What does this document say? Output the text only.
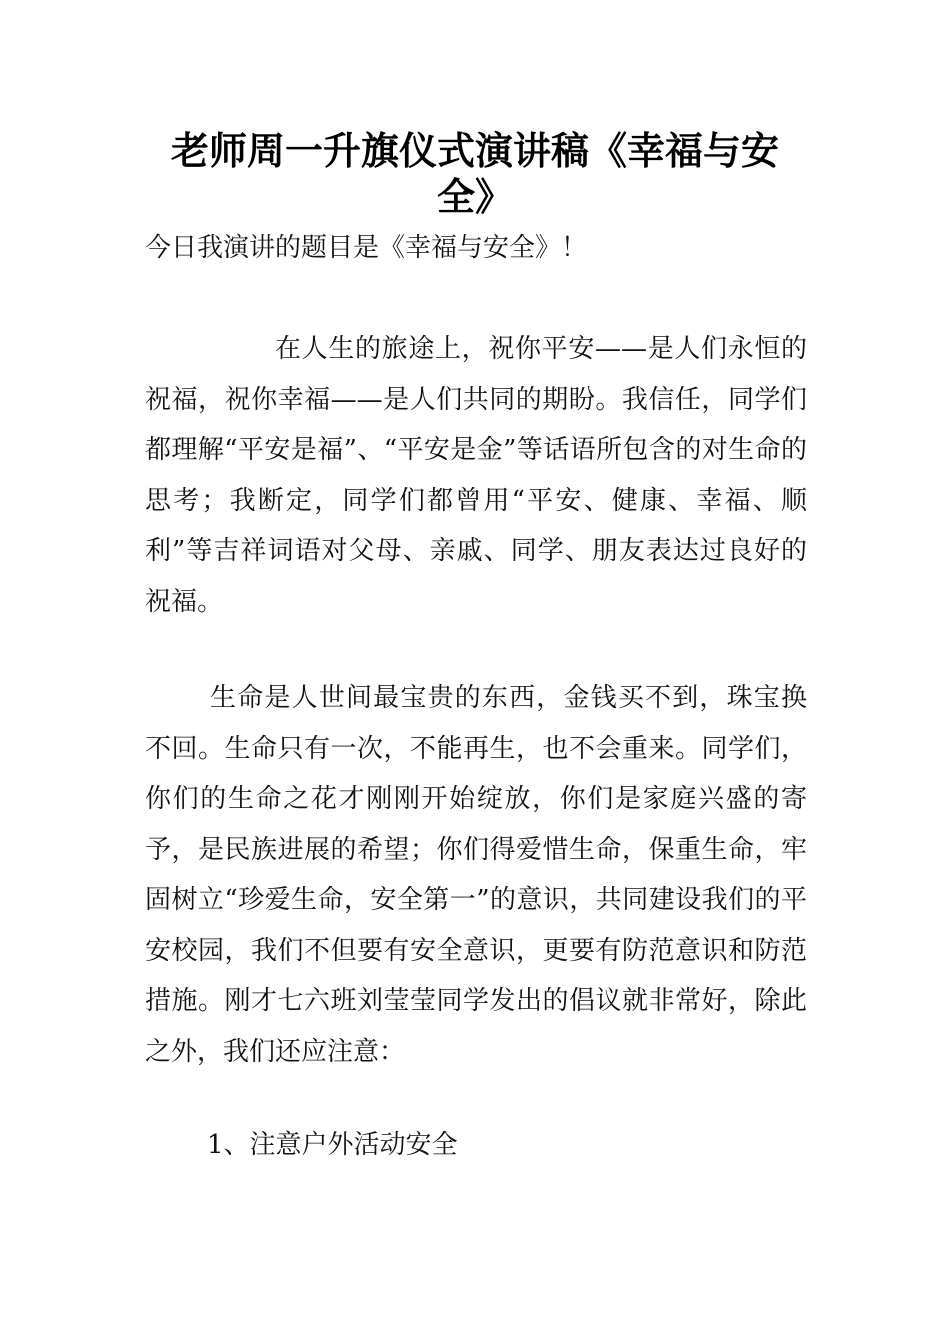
老师周一升旗仪式演讲稿《幸福与安
全》

今日我演讲的题目是《幸福与安全》！

在人生的旅途上，祝你平安——是人们永恒的祝福，祝你幸福——是人们共同的期盼。我信任，同学们都理解“平安是福”、“平安是金”等话语所包含的对生命的思考；我断定，同学们都曾用“平安、健康、幸福、顺利”等吉祥词语对父母、亲戚、同学、朋友表达过良好的祝福。

生命是人世间最宝贵的东西，金钱买不到，珠宝换不回。生命只有一次，不能再生，也不会重来。同学们，你们的生命之花才刚刚开始绽放，你们是家庭兴盛的寄予，是民族进展的希望；你们得爱惜生命，保重生命，牢固树立“珍爱生命，安全第一”的意识，共同建设我们的平安校园，我们不但要有安全意识，更要有防范意识和防范措施。刚才七六班刘莹莹同学发出的倡议就非常好，除此之外，我们还应注意：

1、注意户外活动安全
